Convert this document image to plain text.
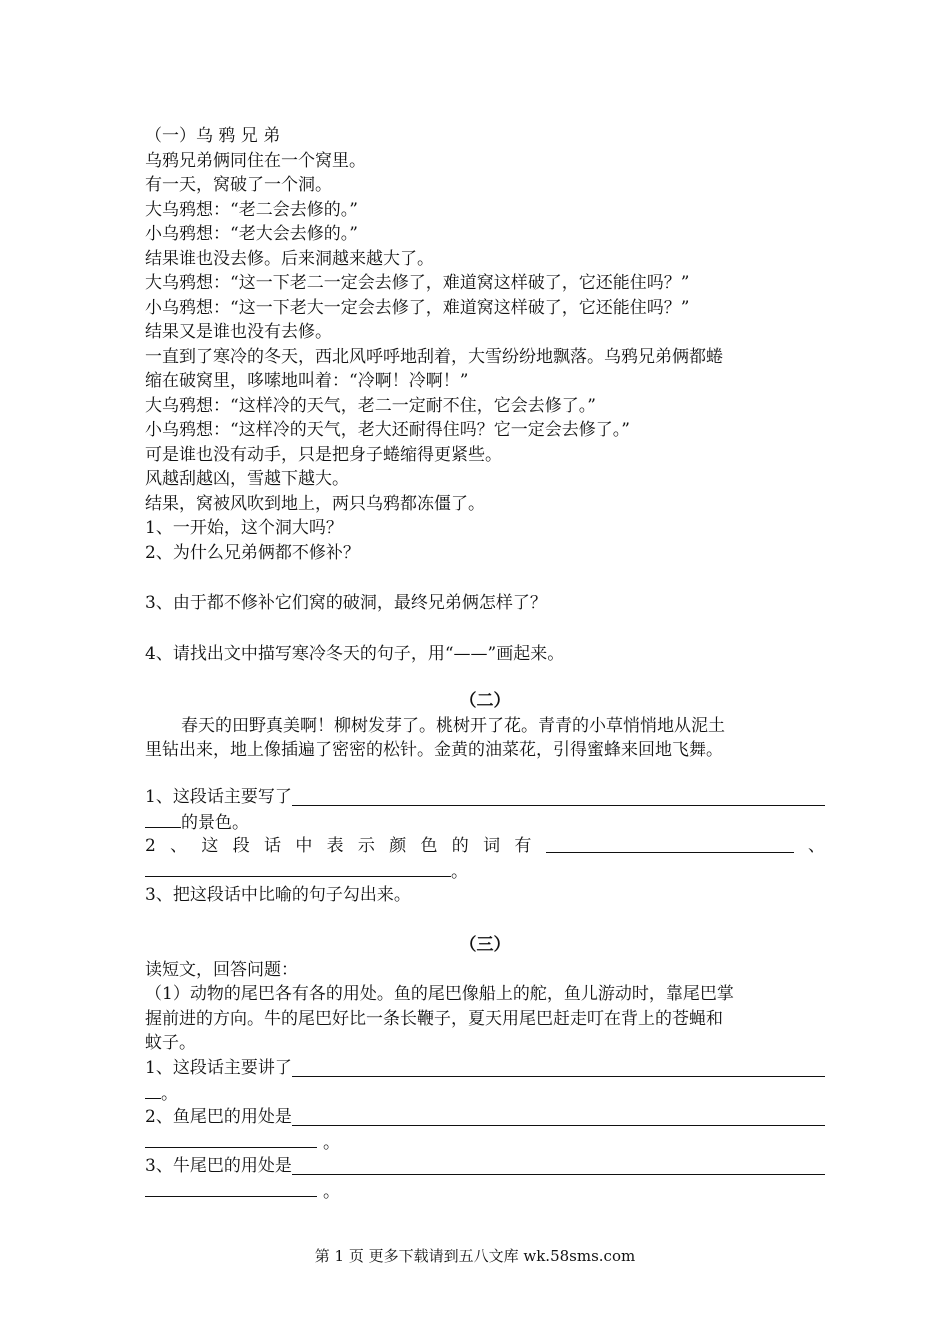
（一）乌 鸦 兄 弟
乌鸦兄弟俩同住在一个窝里。
有一天，窝破了一个洞。
大乌鸦想：“老二会去修的。”
小乌鸦想：“老大会去修的。”
结果谁也没去修。后来洞越来越大了。
大乌鸦想：“这一下老二一定会去修了，难道窝这样破了，它还能住吗？”
小乌鸦想：“这一下老大一定会去修了，难道窝这样破了，它还能住吗？”
结果又是谁也没有去修。
一直到了寒冷的冬天，西北风呼呼地刮着，大雪纷纷地飘落。乌鸦兄弟俩都蜷
缩在破窝里，哆嗦地叫着：“冷啊！冷啊！”
大乌鸦想：“这样冷的天气，老二一定耐不住，它会去修了。”
小乌鸦想：“这样冷的天气，老大还耐得住吗？它一定会去修了。”
可是谁也没有动手，只是把身子蜷缩得更紧些。
风越刮越凶，雪越下越大。
结果，窝被风吹到地上，两只乌鸦都冻僵了。
1、一开始，这个洞大吗？
2、为什么兄弟俩都不修补？
3、由于都不修补它们窝的破洞，最终兄弟俩怎样了？
4、请找出文中描写寒冷冬天的句子，用“——”画起来。
（二）
春天的田野真美啊！柳树发芽了。桃树开了花。青青的小草悄悄地从泥土
里钻出来，地上像插遍了密密的松针。金黄的油菜花，引得蜜蜂来回地飞舞。
1、这段话主要写了
的景色。
2 、 这 段 话 中 表 示 颜 色 的 词 有	、
。
3、把这段话中比喻的句子勾出来。
（三）
读短文，回答问题：
（1）动物的尾巴各有各的用处。鱼的尾巴像船上的舵，鱼儿游动时，靠尾巴掌
握前进的方向。牛的尾巴好比一条长鞭子，夏天用尾巴赶走叮在背上的苍蝇和
蚊子。
1、这段话主要讲了
。
2、鱼尾巴的用处是
。
3、牛尾巴的用处是
。
第 1 页 更多下载请到五八文库 wk.58sms.com
